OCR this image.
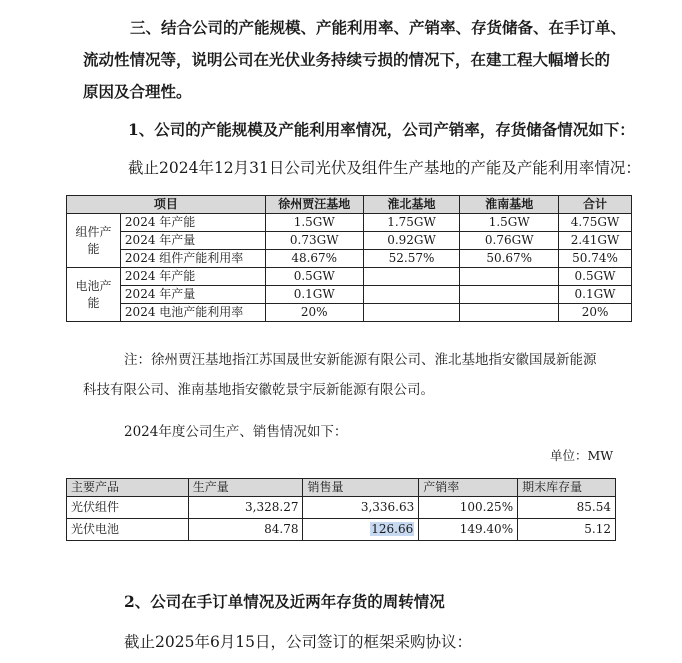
三、结合公司的产能规模、产能利用率、产销率、存货储备、在手订单、
流动性情况等，说明公司在光伏业务持续亏损的情况下，在建工程大幅增长的
原因及合理性。
1、公司的产能规模及产能利用率情况，公司产销率，存货储备情况如下：
截止2024年12月31日公司光伏及组件生产基地的产能及产能利用率情况：
项目		徐州贾汪基地	淮北基地	淮南基地	合计
组件产
能	2024 年产能	1.5GW	1.75GW	1.5GW	4.75GW
	2024 年产量	0.73GW	0.92GW	0.76GW	2.41GW
	2024 组件产能利用率	48.67%	52.57%	50.67%	50.74%
电池产
能	2024 年产能	0.5GW			0.5GW
	2024 年产量	0.1GW			0.1GW
	2024 电池产能利用率	20%			20%
注：徐州贾汪基地指江苏国晟世安新能源有限公司、淮北基地指安徽国晟新能源
科技有限公司、淮南基地指安徽乾景宇辰新能源有限公司。
2024年度公司生产、销售情况如下：
单位：MW
主要产品	生产量	销售量	产销率	期末库存量
光伏组件	3,328.27	3,336.63	100.25%	85.54
光伏电池	84.78	126.66	149.40%	5.12
2、公司在手订单情况及近两年存货的周转情况
截止2025年6月15日，公司签订的框架采购协议：
